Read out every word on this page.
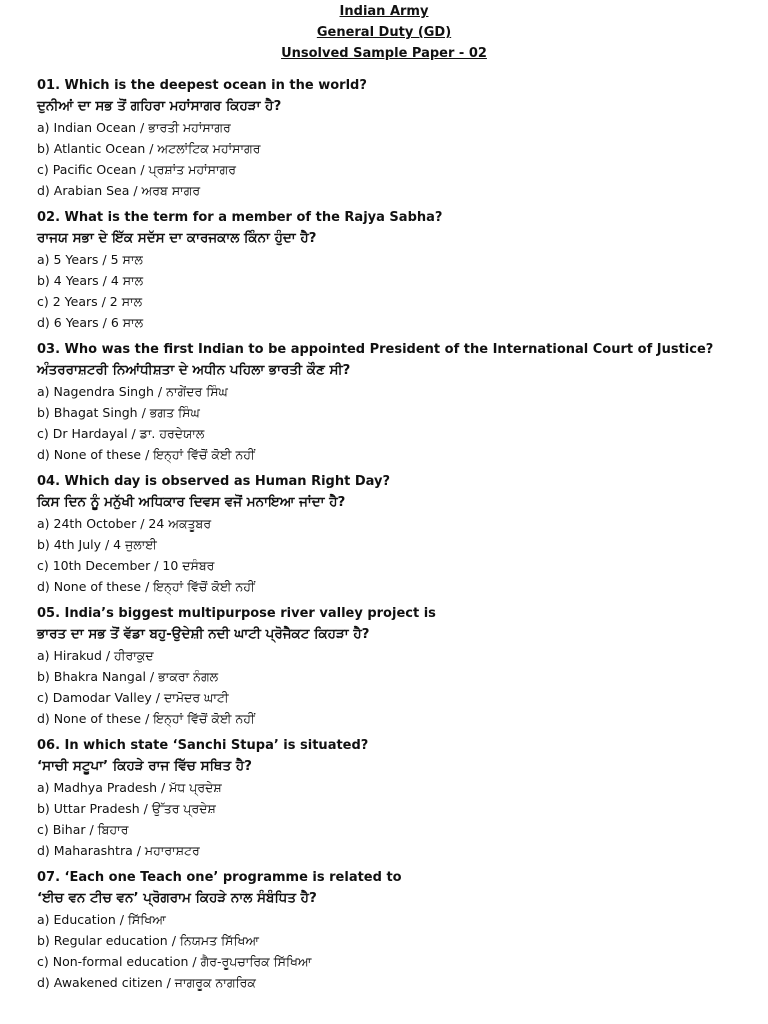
Indian Army
General Duty (GD)
Unsolved Sample Paper - 02
01. Which is the deepest ocean in the world?
ਦੁਨੀਆਂ ਦਾ ਸਭ ਤੋਂ ਗਹਿਰਾ ਮਹਾਂਸਾਗਰ ਕਿਹੜਾ ਹੈ?
a) Indian Ocean / ਭਾਰਤੀ ਮਹਾਂਸਾਗਰ
b) Atlantic Ocean / ਅਟਲਾਂਟਿਕ ਮਹਾਂਸਾਗਰ
c) Pacific Ocean / ਪ੍ਰਸ਼ਾਂਤ ਮਹਾਂਸਾਗਰ
d) Arabian Sea / ਅਰਬ ਸਾਗਰ
02. What is the term for a member of the Rajya Sabha?
ਰਾਜਯ ਸਭਾ ਦੇ ਇੱਕ ਸਦੱਸ ਦਾ ਕਾਰਜਕਾਲ ਕਿੰਨਾ ਹੁੰਦਾ ਹੈ?
a) 5 Years / 5 ਸਾਲ
b) 4 Years / 4 ਸਾਲ
c) 2 Years / 2 ਸਾਲ
d) 6 Years / 6 ਸਾਲ
03. Who was the first Indian to be appointed President of the International Court of Justice?
ਅੰਤਰਰਾਸ਼ਟਰੀ ਨਿਆਂਧੀਸ਼ਤਾ ਦੇ ਅਧੀਨ ਪਹਿਲਾ ਭਾਰਤੀ ਕੌਣ ਸੀ?
a) Nagendra Singh / ਨਾਗੇਂਦਰ ਸਿੰਘ
b) Bhagat Singh / ਭਗਤ ਸਿੰਘ
c) Dr Hardayal / ਡਾ. ਹਰਦੇਯਾਲ
d) None of these / ਇਨ੍ਹਾਂ ਵਿੱਚੋਂ ਕੋਈ ਨਹੀਂ
04. Which day is observed as Human Right Day?
ਕਿਸ ਦਿਨ ਨੂੰ ਮਨੁੱਖੀ ਅਧਿਕਾਰ ਦਿਵਸ ਵਜੋਂ ਮਨਾਇਆ ਜਾਂਦਾ ਹੈ?
a) 24th October / 24 ਅਕਤੂਬਰ
b) 4th July / 4 ਜੁਲਾਈ
c) 10th December / 10 ਦਸੰਬਰ
d) None of these / ਇਨ੍ਹਾਂ ਵਿੱਚੋਂ ਕੋਈ ਨਹੀਂ
05. India’s biggest multipurpose river valley project is
ਭਾਰਤ ਦਾ ਸਭ ਤੋਂ ਵੱਡਾ ਬਹੁ-ਉਦੇਸ਼ੀ ਨਦੀ ਘਾਟੀ ਪ੍ਰੋਜੈਕਟ ਕਿਹੜਾ ਹੈ?
a) Hirakud / ਹੀਰਾਕੁਦ
b) Bhakra Nangal / ਭਾਕਰਾ ਨੰਗਲ
c) Damodar Valley / ਦਾਮੋਦਰ ਘਾਟੀ
d) None of these / ਇਨ੍ਹਾਂ ਵਿੱਚੋਂ ਕੋਈ ਨਹੀਂ
06. In which state ‘Sanchi Stupa’ is situated?
‘ਸਾਚੀ ਸਟੂਪਾ’ ਕਿਹੜੇ ਰਾਜ ਵਿੱਚ ਸਥਿਤ ਹੈ?
a) Madhya Pradesh / ਮੱਧ ਪ੍ਰਦੇਸ਼
b) Uttar Pradesh / ਉੱਤਰ ਪ੍ਰਦੇਸ਼
c) Bihar / ਬਿਹਾਰ
d) Maharashtra / ਮਹਾਰਾਸ਼ਟਰ
07. ‘Each one Teach one’ programme is related to
‘ਈਚ ਵਨ ਟੀਚ ਵਨ’ ਪ੍ਰੋਗਰਾਮ ਕਿਹੜੇ ਨਾਲ ਸੰਬੰਧਿਤ ਹੈ?
a) Education / ਸਿੱਖਿਆ
b) Regular education / ਨਿਯਮਤ ਸਿੱਖਿਆ
c) Non-formal education / ਗੈਰ-ਰੂਪਚਾਰਿਕ ਸਿੱਖਿਆ
d) Awakened citizen / ਜਾਗਰੂਕ ਨਾਗਰਿਕ
